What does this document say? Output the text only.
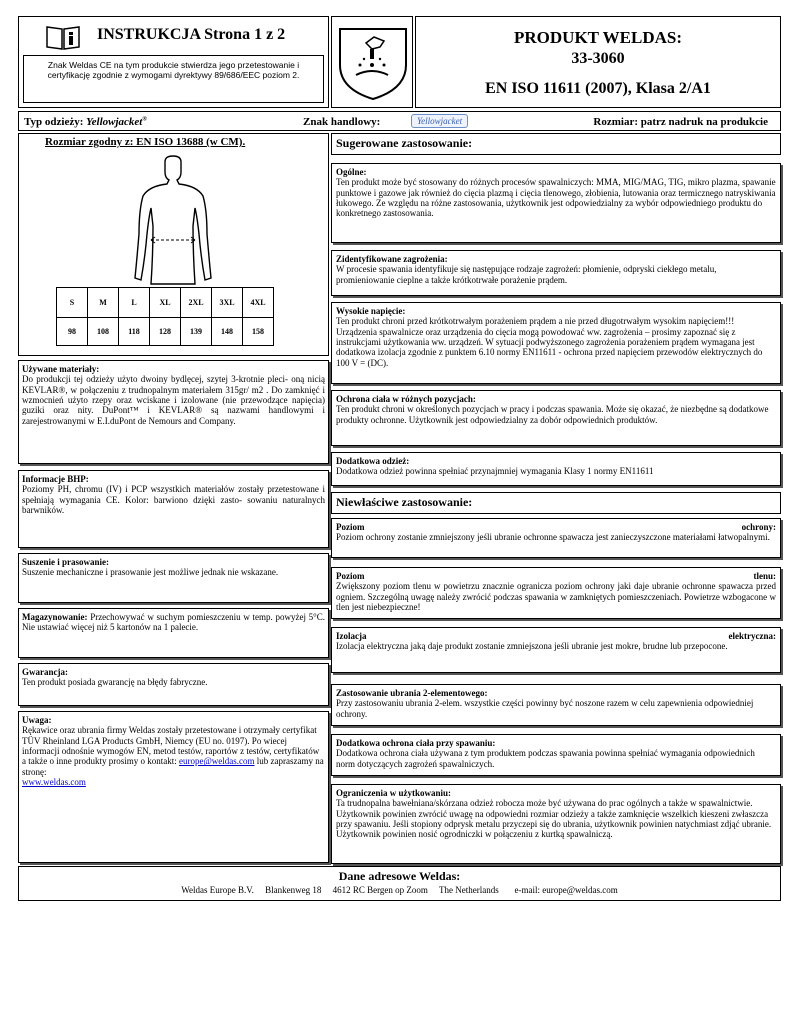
INSTRUKCJA Strona 1 z 2
Znak Weldas CE na tym produkcie stwierdza jego przetestowanie i certyfikację zgodnie z wymogami dyrektywy 89/686/EEC poziom 2.
PRODUKT WELDAS:
33-3060
EN ISO 11611 (2007), Klasa 2/A1
Typ odzieży: Yellowjacket®	Znak handlowy:	Yellowjacket	Rozmiar: patrz nadruk na produkcie
Rozmiar zgodny z: EN ISO 13688 (w CM).
S	M	L	XL	2XL	3XL	4XL
98	108	118	128	139	148	158
Używane materiały:
Do produkcji tej odzieży użyto dwoiny bydlęcej, szytej 3-krotnie pleci- oną nicią KEVLAR®, w połączeniu z trudnopalnym materiałem 315gr/ m2 . Do zamknięć i wzmocnień użyto rzepy oraz wciskane i izolowane (nie przewodzące napięcia) guziki oraz nity. DuPont™ i KEVLAR® są nazwami handlowymi i zarejestrowanymi w E.I.duPont de Nemours and Company.
Informacje BHP:
Poziomy PH, chromu (IV) i PCP wszystkich materiałów zostały przetestowane i spełniają wymagania CE. Kolor: barwiono dzięki zasto- sowaniu naturalnych barwników.
Suszenie i prasowanie:
Suszenie mechaniczne i prasowanie jest możliwe jednak nie wskazane.
Magazynowanie: Przechowywać w suchym pomieszczeniu w temp. powyżej 5°C. Nie ustawiać więcej niż 5 kartonów na 1 palecie.
Gwarancja:
Ten produkt posiada gwarancję na błędy fabryczne.
Uwaga:
Rękawice oraz ubrania firmy Weldas zostały przetestowane i otrzymały certyfikat TÜV Rheinland LGA Products GmbH, Niemcy (EU no. 0197). Po wiecej informacji odnośnie wymogów EN, metod testów, raportów z testów, certyfikatów a także o inne produkty prosimy o kontakt: europe@weldas.com lub zapraszamy na stronę:
www.weldas.com
Sugerowane zastosowanie:
Ogólne:
Ten produkt może być stosowany do różnych procesów spawalniczych: MMA, MIG/MAG, TIG, mikro plazma, spawanie punktowe i gazowe jak również do cięcia plazmą i cięcia tlenowego, złobienia, lutowania oraz termicznego natryskiwania łukowego. Ze względu na różne zastosowania, użytkownik jest odpowiedzialny za wybór odpowiedniego produktu do konkretnego zastosowania.
Zidentyfikowane zagrożenia:
W procesie spawania identyfikuje się następujące rodzaje zagrożeń: płomienie, odpryski ciekłego metalu, promieniowanie cieplne a także krótkotrwałe porażenie prądem.
Wysokie napięcie:
Ten produkt chroni przed krótkotrwałym porażeniem prądem a nie przed długotrwałym wysokim napięciem!!! Urządzenia spawalnicze oraz urządzenia do cięcia mogą powodować ww. zagrożenia – prosimy zapoznać się z instrukcjami użytkowania ww. urządzeń. W sytuacji podwyższonego zagrożenia porażeniem prądem wymagana jest dodatkowa izolacja zgodnie z punktem 6.10 normy EN11611 - ochrona przed napięciem przewodów elektrycznych do 100 V = (DC).
Ochrona ciała w różnych pozycjach:
Ten produkt chroni w określonych pozycjach w pracy i podczas spawania. Może się okazać, że niezbędne są dodatkowe produkty ochronne. Użytkownik jest odpowiedzialny za dobór odpowiednich produktów.
Dodatkowa odzież:
Dodatkowa odzież powinna spełniać przynajmniej wymagania Klasy 1 normy EN11611
Niewłaściwe zastosowanie:
Poziom	ochrony:
Poziom ochrony zostanie zmniejszony jeśli ubranie ochronne spawacza jest zanieczyszczone materiałami łatwopalnymi.
Poziom	tlenu:
Zwiększony poziom tlenu w powietrzu znacznie ogranicza poziom ochrony jaki daje ubranie ochronne spawacza przed ogniem. Szczególną uwagę należy zwrócić podczas spawania w zamkniętych pomieszczeniach. Powietrze wzbogacone w tlen jest niebezpieczne!
Izolacja	elektryczna:
Izolacja elektryczna jaką daje produkt zostanie zmniejszona jeśli ubranie jest mokre, brudne lub przepocone.
Zastosowanie ubrania 2-elementowego:
Przy zastosowaniu ubrania 2-elem. wszystkie części powinny być noszone razem w celu zapewnienia odpowiedniej ochrony.
Dodatkowa ochrona ciała przy spawaniu:
Dodatkowa ochrona ciała używana z tym produktem podczas spawania powinna spełniać wymagania odpowiednich norm dotyczących zagrożeń spawalniczych.
Ograniczenia w użytkowaniu:
Ta trudnopalna bawełniana/skórzana odzież robocza może być używana do prac ogólnych a także w spawalnictwie. Użytkownik powinien zwrócić uwagę na odpowiedni rozmiar odzieży a także zamknięcie wszelkich kieszeni zwłaszcza przy spawaniu. Jeśli stopiony odprysk metalu przyczepi się do ubrania, użytkownik powinien natychmiast zdjąć ubranie. Użytkownik powinien nosić ogrodniczki w połączeniu z kurtką spawalniczą.
Dane adresowe Weldas:
Weldas Europe B.V. Blankenweg 18 4612 RC Bergen op Zoom The Netherlands e-mail: europe@weldas.com
